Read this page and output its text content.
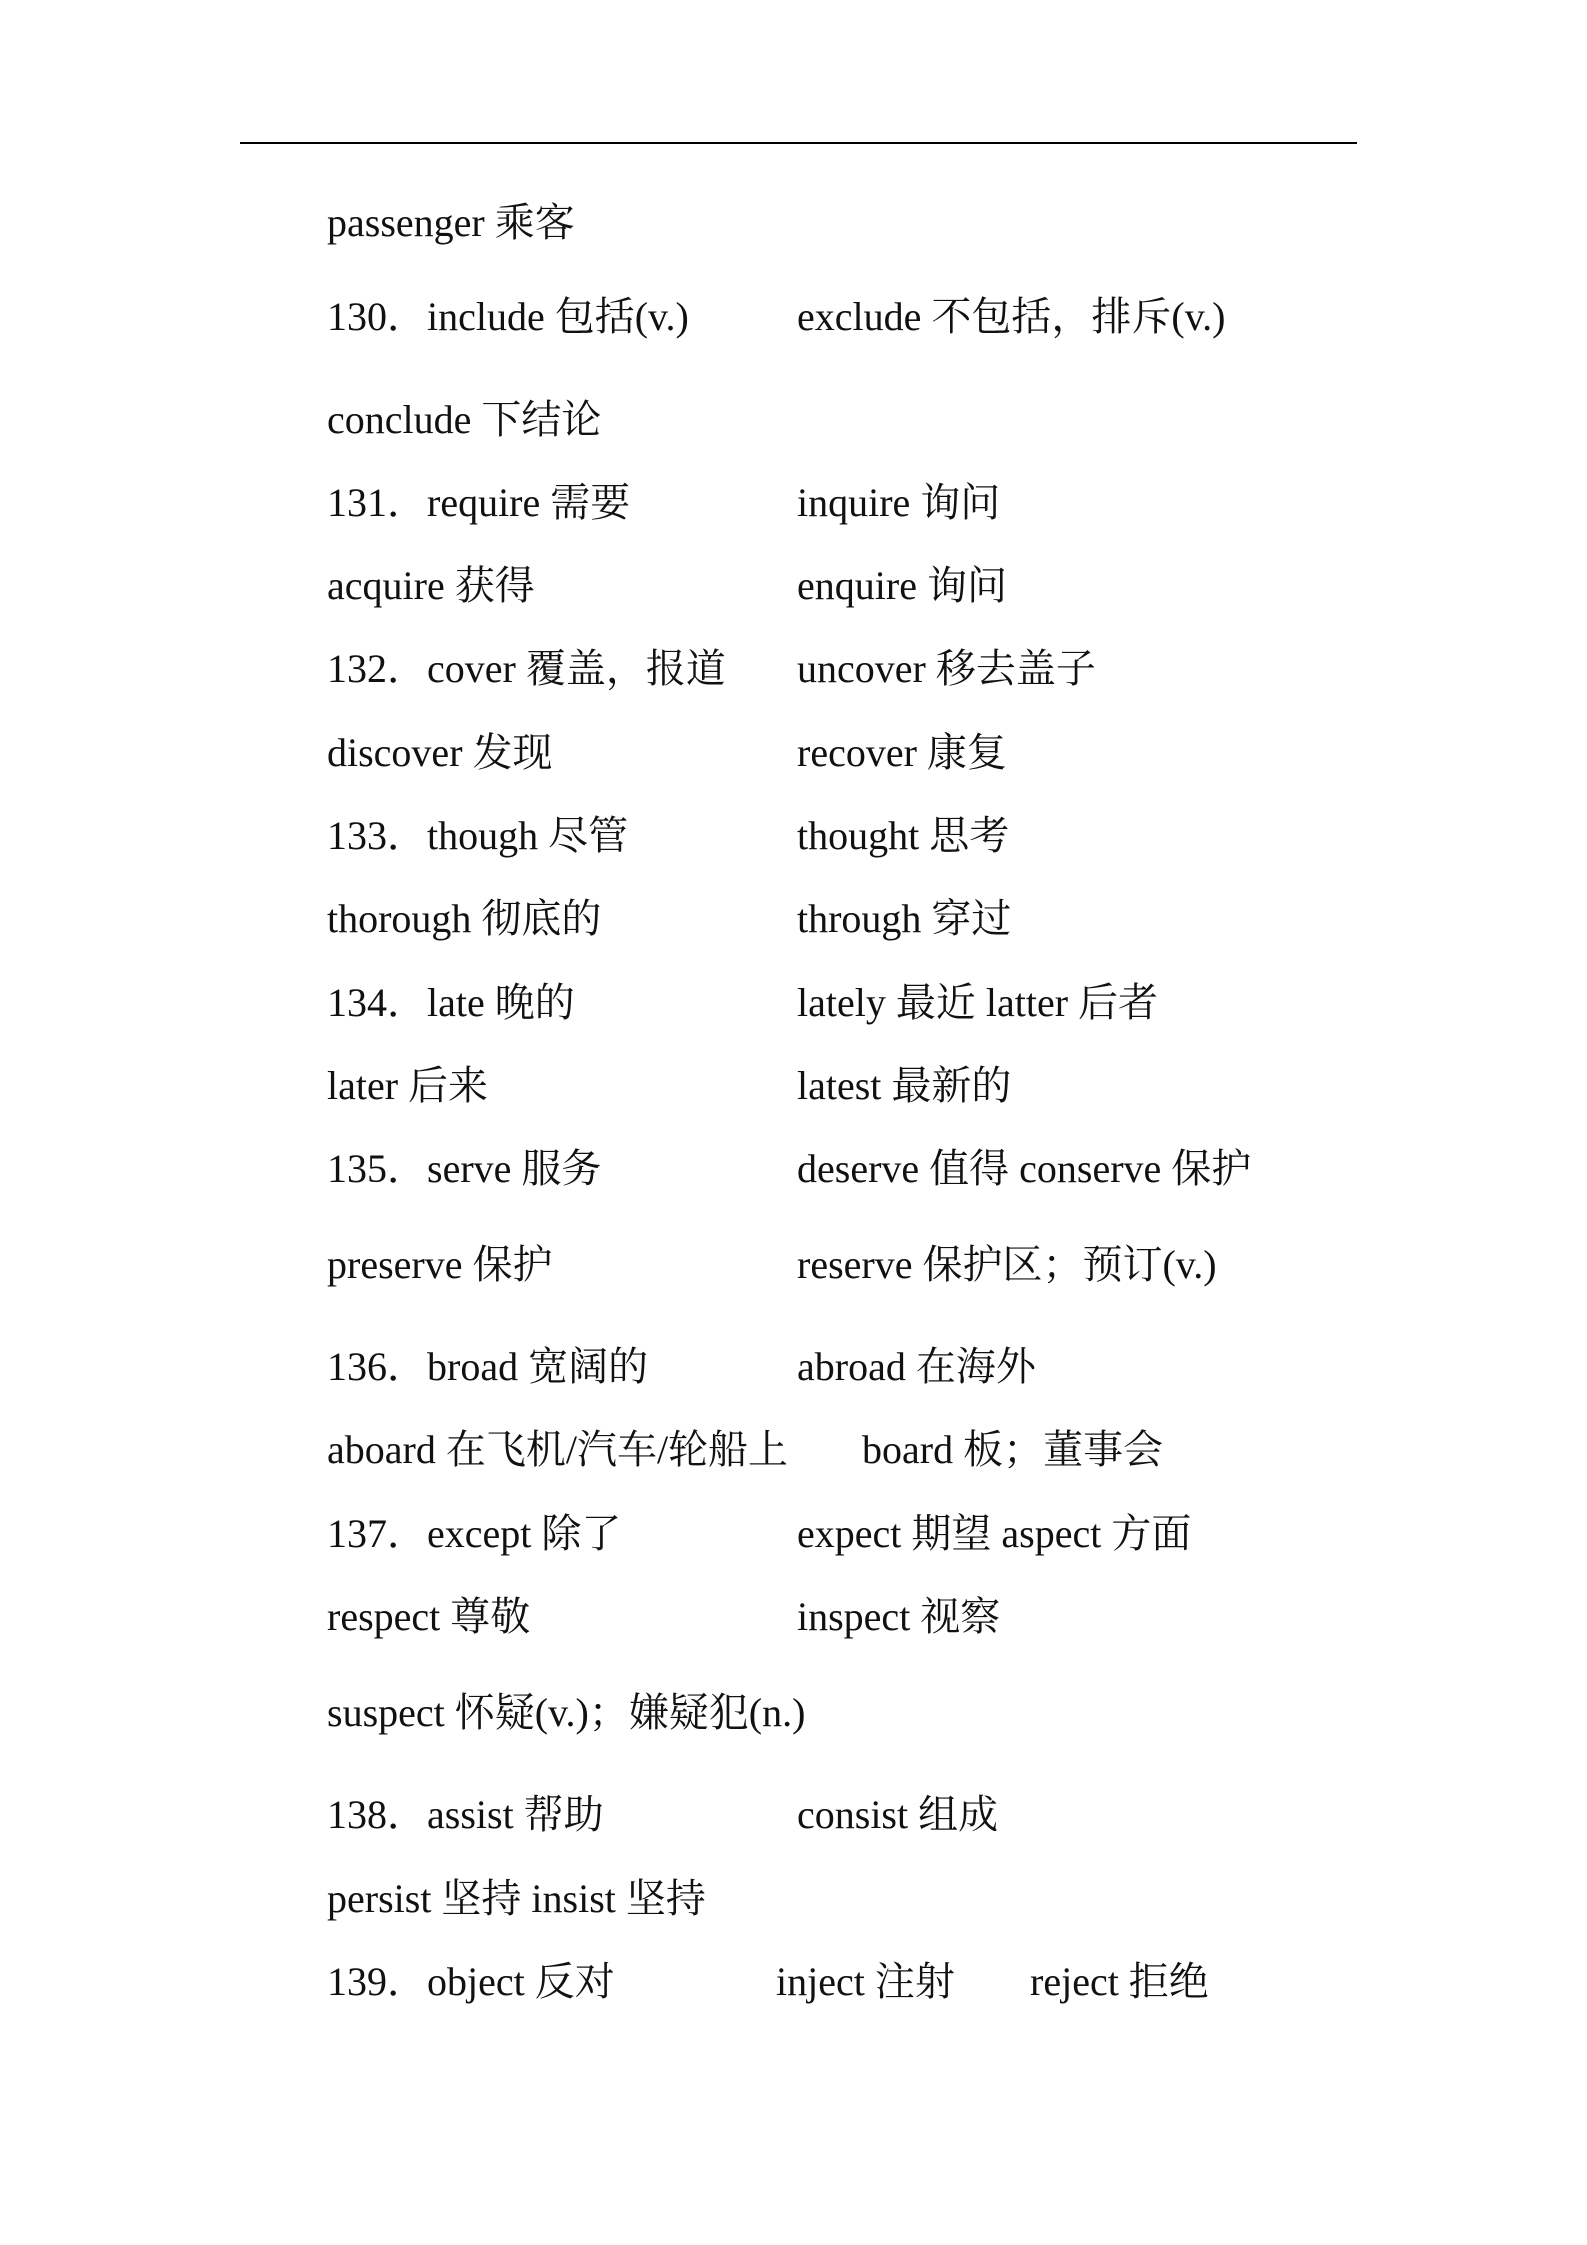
passenger 乘客
130．include 包括(v.)	exclude 不包括，排斥(v.)
conclude 下结论
131．require 需要	inquire 询问
acquire 获得	enquire 询问
132．cover 覆盖，报道 uncover 移去盖子
discover 发现	recover 康复
133．though 尽管	thought 思考
thorough 彻底的	through 穿过
134．late 晚的	lately 最近 latter 后者
later 后来	latest 最新的
135．serve 服务	deserve 值得 conserve 保护
preserve 保护	reserve 保护区；预订(v.)
136．broad 宽阔的	abroad 在海外
aboard 在飞机/汽车/轮船上 board 板；董事会
137．except 除了	expect 期望 aspect 方面
respect 尊敬	inspect 视察
suspect 怀疑(v.)；嫌疑犯(n.)
138．assist 帮助	consist 组成
persist 坚持 insist 坚持
139．object 反对	inject 注射 reject 拒绝
